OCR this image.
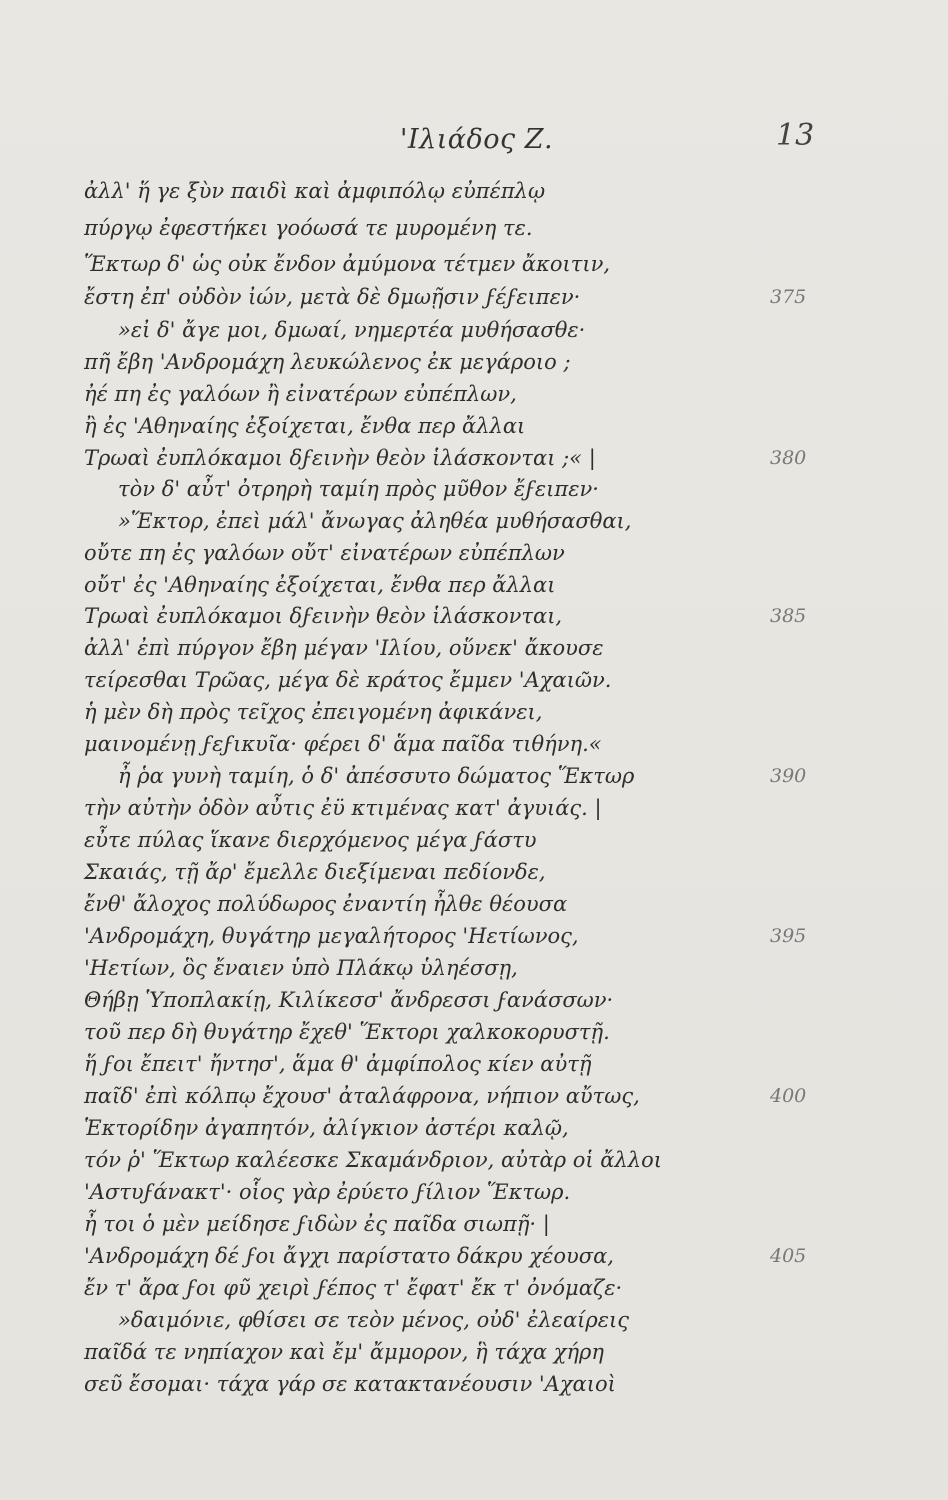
'Ιλιάδος Ζ.	13
ἀλλ' ἥ γε ξὺν παιδὶ καὶ ἀμφιπόλῳ εὐπέπλῳ
πύργῳ ἐφεστήκει γοόωσά τε μυρομένη τε.
Ἕκτωρ δ' ὡς οὐκ ἔνδον ἀμύμονα τέτμεν ἄκοιτιν,
ἔστη ἐπ' οὐδὸν ἰών, μετὰ δὲ δμωῇσιν ϝέϝειπεν·
»εἰ δ' ἄγε μοι, δμωαί, νημερτέα μυθήσασθε·
πῆ ἔβη 'Ανδρομάχη λευκώλενος ἐκ μεγάροιο ;
ἠέ πη ἐς γαλόων ἢ εἰνατέρων εὐπέπλων,
ἢ ἐς 'Αθηναίης ἐξοίχεται, ἔνθα περ ἄλλαι
Τρωαὶ ἐυπλόκαμοι δϝεινὴν θεὸν ἱλάσκονται ;« |
τὸν δ' αὖτ' ὀτρηρὴ ταμίη πρὸς μῦθον ἔϝειπεν·
»Ἕκτορ, ἐπεὶ μάλ' ἄνωγας ἀληθέα μυθήσασθαι,
οὔτε πη ἐς γαλόων οὔτ' εἰνατέρων εὐπέπλων
οὔτ' ἐς 'Αθηναίης ἐξοίχεται, ἔνθα περ ἄλλαι
Τρωαὶ ἐυπλόκαμοι δϝεινὴν θεὸν ἱλάσκονται,
ἀλλ' ἐπὶ πύργον ἔβη μέγαν 'Ιλίου, οὕνεκ' ἄκουσε
τείρεσθαι Τρῶας, μέγα δὲ κράτος ἔμμεν 'Αχαιῶν.
ἡ μὲν δὴ πρὸς τεῖχος ἐπειγομένη ἀφικάνει,
μαινομένῃ ϝεϝικυῖα· φέρει δ' ἅμα παῖδα τιθήνη.«
ἦ ῥα γυνὴ ταμίη, ὁ δ' ἀπέσσυτο δώματος Ἕκτωρ
τὴν αὐτὴν ὁδὸν αὖτις ἐϋ κτιμένας κατ' ἀγυιάς. |
εὖτε πύλας ἵκανε διερχόμενος μέγα ϝάστυ
Σκαιάς, τῇ ἄρ' ἔμελλε διεξίμεναι πεδίονδε,
ἔνθ' ἄλοχος πολύδωρος ἐναντίη ἦλθε θέουσα
'Ανδρομάχη, θυγάτηρ μεγαλήτορος 'Ηετίωνος,
'Ηετίων, ὃς ἔναιεν ὑπὸ Πλάκῳ ὑληέσσῃ,
Θήβῃ Ὑποπλακίῃ, Κιλίκεσσ' ἄνδρεσσι ϝανάσσων·
τοῦ περ δὴ θυγάτηρ ἔχεθ' Ἕκτορι χαλκοκορυστῇ.
ἥ ϝοι ἔπειτ' ἤντησ', ἅμα θ' ἀμφίπολος κίεν αὐτῇ
παῖδ' ἐπὶ κόλπῳ ἔχουσ' ἀταλάφρονα, νήπιον αὔτως,
Ἑκτορίδην ἀγαπητόν, ἀλίγκιον ἀστέρι καλῷ,
τόν ῥ' Ἕκτωρ καλέεσκε Σκαμάνδριον, αὐτὰρ οἱ ἄλλοι
'Αστυϝάνακτ'· οἷος γὰρ ἐρύετο ϝίλιον Ἕκτωρ.
ἦ τοι ὁ μὲν μείδησε ϝιδὼν ἐς παῖδα σιωπῇ· |
'Ανδρομάχη δέ ϝοι ἄγχι παρίστατο δάκρυ χέουσα,
ἔν τ' ἄρα ϝοι φῦ χειρὶ ϝέπος τ' ἔφατ' ἔκ τ' ὀνόμαζε·
»δαιμόνιε, φθίσει σε τεὸν μένος, οὐδ' ἐλεαίρεις
παῖδά τε νηπίαχον καὶ ἔμ' ἄμμορον, ἣ τάχα χήρη
σεῦ ἔσομαι· τάχα γάρ σε κατακτανέουσιν 'Αχαιοὶ
375
380
385
390
395
400
405
